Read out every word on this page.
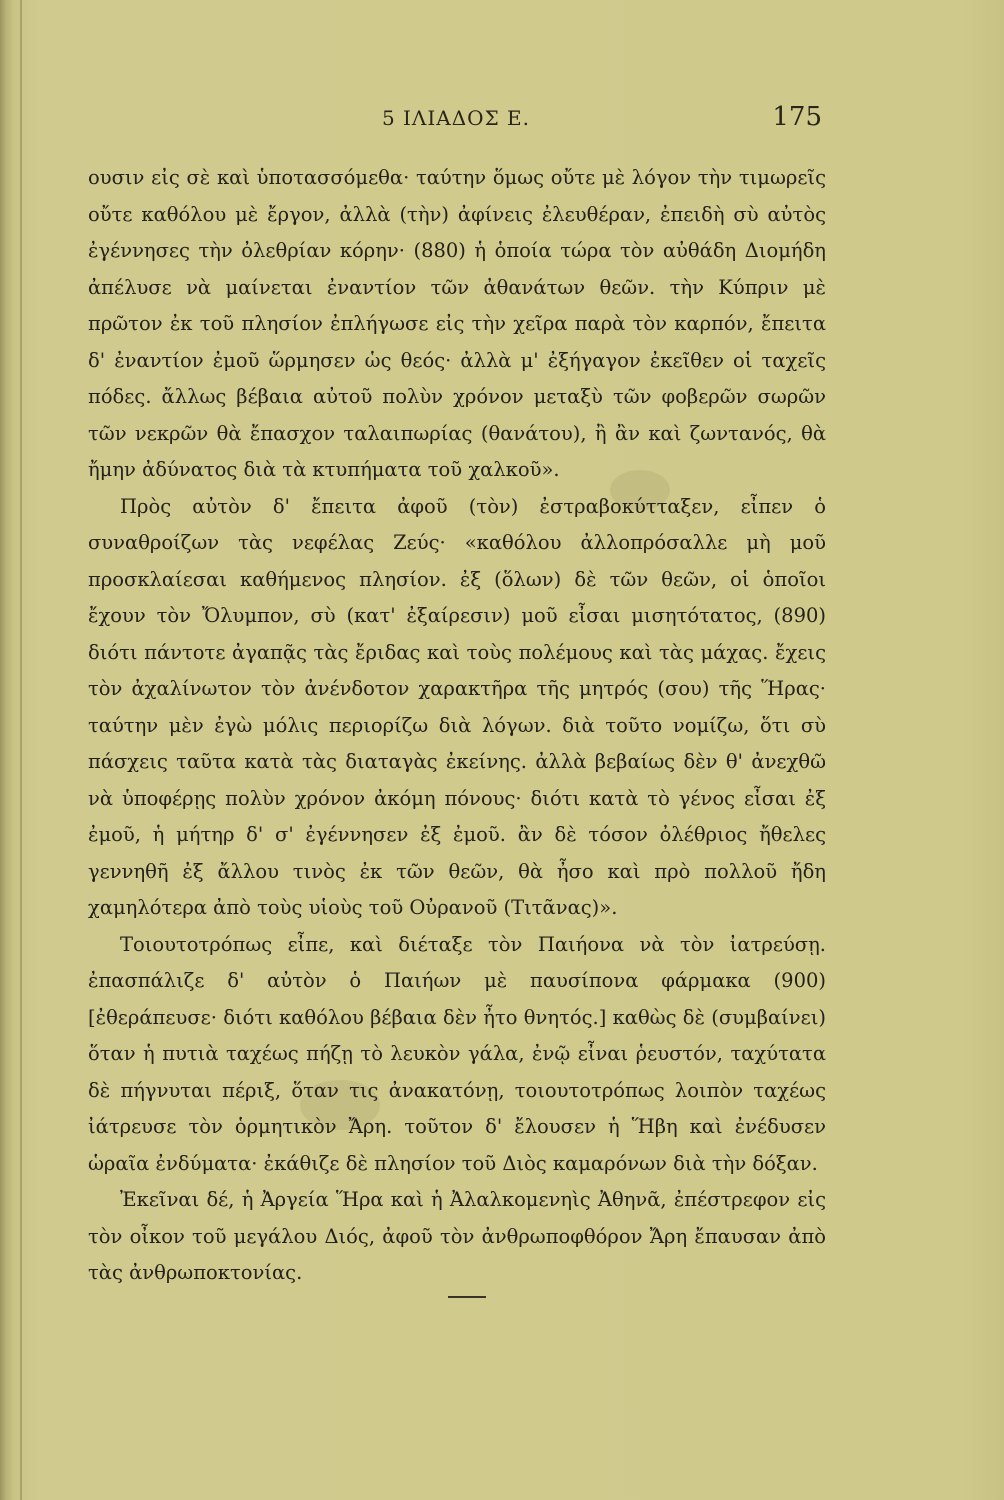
5 ΙΛΙΑΔΟΣ Ε.	175

ουσιν εἰς σὲ καὶ ὑποτασσόμεθα· ταύτην ὅμως οὔτε μὲ λόγον τὴν τιμωρεῖς οὔτε καθόλου μὲ ἔργον, ἀλλὰ (τὴν) ἀφίνεις ἐλευθέραν, ἐπειδὴ σὺ αὐτὸς ἐγέννησες τὴν ὀλεθρίαν κόρην· (880) ἡ ὁποία τώρα τὸν αὐθάδη Διομήδη ἀπέλυσε νὰ μαίνεται ἐναντίον τῶν ἀθανάτων θεῶν. τὴν Κύπριν μὲ πρῶτον ἐκ τοῦ πλησίον ἐπλήγωσε εἰς τὴν χεῖρα παρὰ τὸν καρπόν, ἔπειτα δ' ἐναντίον ἐμοῦ ὥρμησεν ὡς θεός· ἀλλὰ μ' ἐξήγαγον ἐκεῖθεν οἱ ταχεῖς πόδες. ἄλλως βέβαια αὐτοῦ πολὺν χρόνον μεταξὺ τῶν φοβερῶν σωρῶν τῶν νεκρῶν θὰ ἔπασχον ταλαιπωρίας (θανάτου), ἢ ἂν καὶ ζωντανός, θὰ ἤμην ἀδύνατος διὰ τὰ κτυπήματα τοῦ χαλκοῦ».

Πρὸς αὐτὸν δ' ἔπειτα ἀφοῦ (τὸν) ἐστραβοκύτταξεν, εἶπεν ὁ συναθροίζων τὰς νεφέλας Ζεύς· «καθόλου ἀλλοπρόσαλλε μὴ μοῦ προσκλαίεσαι καθήμενος πλησίον. ἐξ (ὅλων) δὲ τῶν θεῶν, οἱ ὁποῖοι ἔχουν τὸν Ὄλυμπον, σὺ (κατ' ἐξαίρεσιν) μοῦ εἶσαι μισητότατος, (890) διότι πάντοτε ἀγαπᾷς τὰς ἔριδας καὶ τοὺς πολέμους καὶ τὰς μάχας. ἔχεις τὸν ἀχαλίνωτον τὸν ἀνένδοτον χαρακτῆρα τῆς μητρός (σου) τῆς Ἥρας· ταύτην μὲν ἐγὼ μόλις περιορίζω διὰ λόγων. διὰ τοῦτο νομίζω, ὅτι σὺ πάσχεις ταῦτα κατὰ τὰς διαταγὰς ἐκείνης. ἀλλὰ βεβαίως δὲν θ' ἀνεχθῶ νὰ ὑποφέρῃς πολὺν χρόνον ἀκόμη πόνους· διότι κατὰ τὸ γένος εἶσαι ἐξ ἐμοῦ, ἡ μήτηρ δ' σ' ἐγέννησεν ἐξ ἐμοῦ. ἂν δὲ τόσον ὀλέθριος ἤθελες γεννηθῆ ἐξ ἄλλου τινὸς ἐκ τῶν θεῶν, θὰ ἦσο καὶ πρὸ πολλοῦ ἤδη χαμηλότερα ἀπὸ τοὺς υἱοὺς τοῦ Οὐρανοῦ (Τιτᾶνας)».

Τοιουτοτρόπως εἶπε, καὶ διέταξε τὸν Παιήονα νὰ τὸν ἰατρεύσῃ. ἐπασπάλιζε δ' αὐτὸν ὁ Παιήων μὲ παυσίπονα φάρμακα (900) [ἐθεράπευσε· διότι καθόλου βέβαια δὲν ἦτο θνητός.] καθὼς δὲ (συμβαίνει) ὅταν ἡ πυτιὰ ταχέως πήζῃ τὸ λευκὸν γάλα, ἐνῷ εἶναι ῥευστόν, ταχύτατα δὲ πήγνυται πέριξ, ὅταν τις ἀνακατόνῃ, τοιουτοτρόπως λοιπὸν ταχέως ἰάτρευσε τὸν ὁρμητικὸν Ἄρη. τοῦτον δ' ἔλουσεν ἡ Ἥβη καὶ ἐνέδυσεν ὡραῖα ἐνδύματα· ἐκάθιζε δὲ πλησίον τοῦ Διὸς καμαρόνων διὰ τὴν δόξαν.

Ἐκεῖναι δέ, ἡ Ἀργεία Ἥρα καὶ ἡ Ἀλαλκομενηὶς Ἀθηνᾶ, ἐπέστρεφον εἰς τὸν οἶκον τοῦ μεγάλου Διός, ἀφοῦ τὸν ἀνθρωποφθόρον Ἄρη ἔπαυσαν ἀπὸ τὰς ἀνθρωποκτονίας.
